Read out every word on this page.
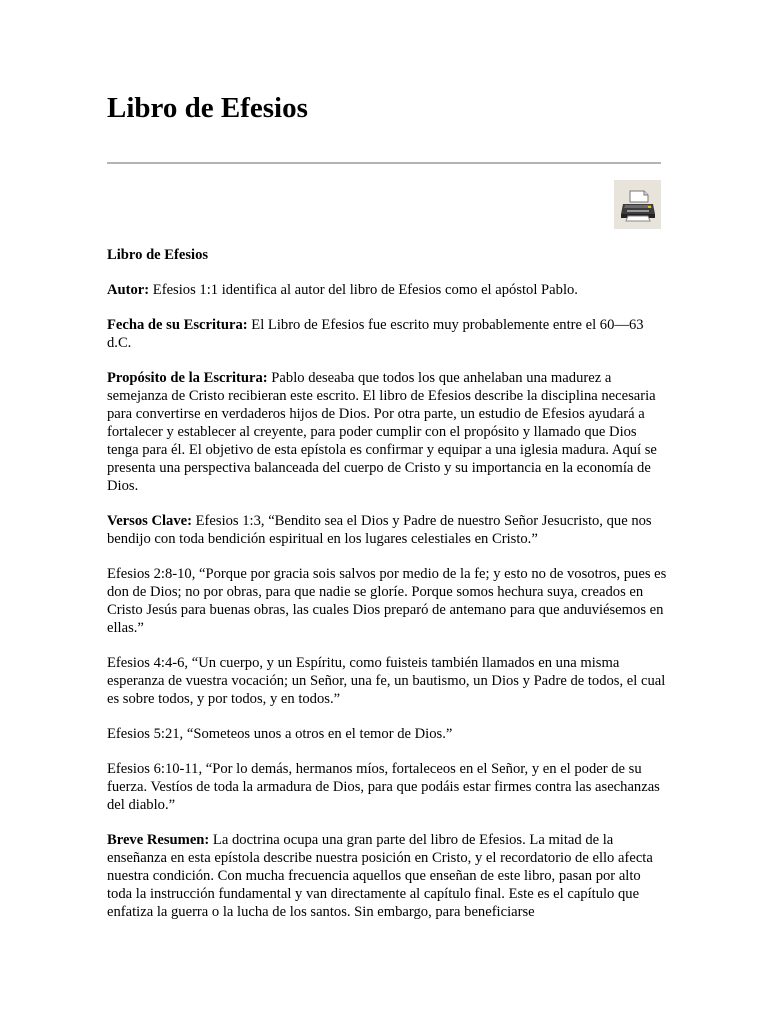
Libro de Efesios

Libro de Efesios

Autor: Efesios 1:1 identifica al autor del libro de Efesios como el apóstol Pablo.

Fecha de su Escritura: El Libro de Efesios fue escrito muy probablemente entre el 60—63 d.C.

Propósito de la Escritura: Pablo deseaba que todos los que anhelaban una madurez a semejanza de Cristo recibieran este escrito. El libro de Efesios describe la disciplina necesaria para convertirse en verdaderos hijos de Dios. Por otra parte, un estudio de Efesios ayudará a fortalecer y establecer al creyente, para poder cumplir con el propósito y llamado que Dios tenga para él. El objetivo de esta epístola es confirmar y equipar a una iglesia madura. Aquí se presenta una perspectiva balanceada del cuerpo de Cristo y su importancia en la economía de Dios.

Versos Clave: Efesios 1:3, “Bendito sea el Dios y Padre de nuestro Señor Jesucristo, que nos bendijo con toda bendición espiritual en los lugares celestiales en Cristo.”

Efesios 2:8-10, “Porque por gracia sois salvos por medio de la fe; y esto no de vosotros, pues es don de Dios; no por obras, para que nadie se gloríe. Porque somos hechura suya, creados en Cristo Jesús para buenas obras, las cuales Dios preparó de antemano para que anduviésemos en ellas.”

Efesios 4:4-6, “Un cuerpo, y un Espíritu, como fuisteis también llamados en una misma esperanza de vuestra vocación; un Señor, una fe, un bautismo, un Dios y Padre de todos, el cual es sobre todos, y por todos, y en todos.”

Efesios 5:21, “Someteos unos a otros en el temor de Dios.”

Efesios 6:10-11, “Por lo demás, hermanos míos, fortaleceos en el Señor, y en el poder de su fuerza. Vestíos de toda la armadura de Dios, para que podáis estar firmes contra las asechanzas del diablo.”

Breve Resumen: La doctrina ocupa una gran parte del libro de Efesios. La mitad de la enseñanza en esta epístola describe nuestra posición en Cristo, y el recordatorio de ello afecta nuestra condición. Con mucha frecuencia aquellos que enseñan de este libro, pasan por alto toda la instrucción fundamental y van directamente al capítulo final. Este es el capítulo que enfatiza la guerra o la lucha de los santos. Sin embargo, para beneficiarse
